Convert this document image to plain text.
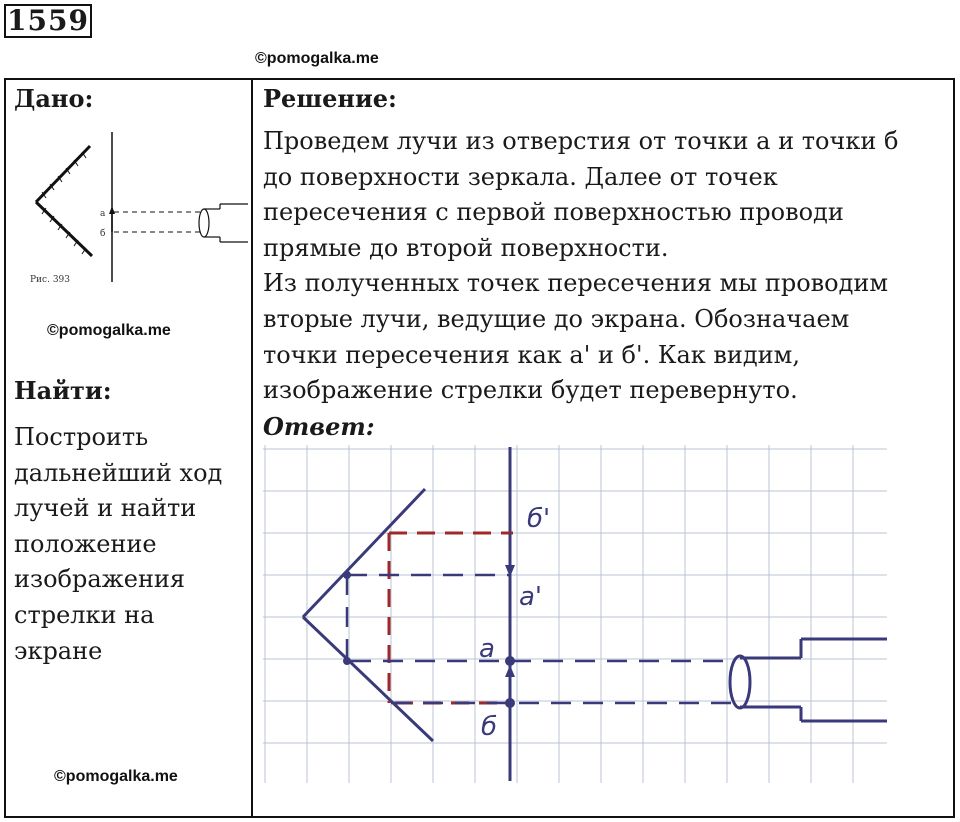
1559
©pomogalka.me
Дано:
а
б
Рис. 393
©pomogalka.me
Найти:
Построить
дальнейший ход
лучей и найти
положение
изображения
стрелки на
экране
©pomogalka.me
Решение:
Проведем лучи из отверстия от точки а и точки б
до поверхности зеркала. Далее от точек
пересечения с первой поверхностью проводи
прямые до второй поверхности.
Из полученных точек пересечения мы проводим
вторые лучи, ведущие до экрана. Обозначаем
точки пересечения как а' и б'. Как видим,
изображение стрелки будет перевернуто.
Ответ:
б'
а'
а
б
